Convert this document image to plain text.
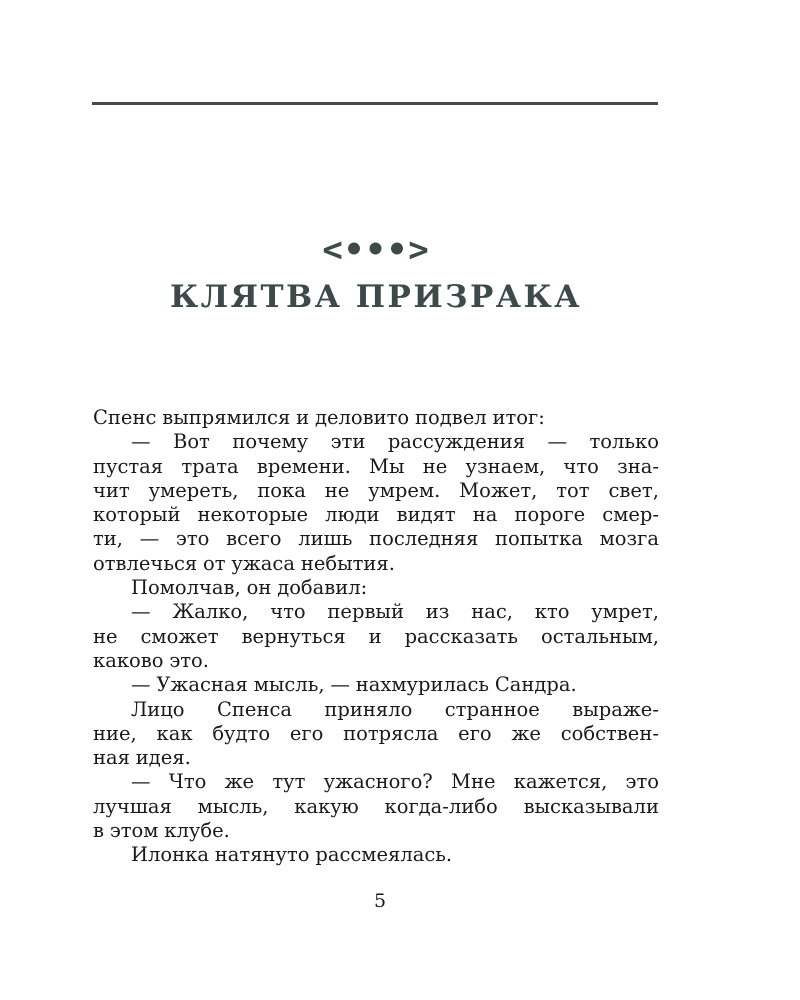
<•••>
КЛЯТВА ПРИЗРАКА
Спенс выпрямился и деловито подвел итог:
— Вот почему эти рассуждения — только
пустая трата времени. Мы не узнаем, что зна-
чит умереть, пока не умрем. Может, тот свет,
который некоторые люди видят на пороге смер-
ти, — это всего лишь последняя попытка мозга
отвлечься от ужаса небытия.
Помолчав, он добавил:
— Жалко, что первый из нас, кто умрет,
не сможет вернуться и рассказать остальным,
каково это.
— Ужасная мысль, — нахмурилась Сандра.
Лицо Спенса приняло странное выраже-
ние, как будто его потрясла его же собствен-
ная идея.
— Что же тут ужасного? Мне кажется, это
лучшая мысль, какую когда-либо высказывали
в этом клубе.
Илонка натянуто рассмеялась.
5
